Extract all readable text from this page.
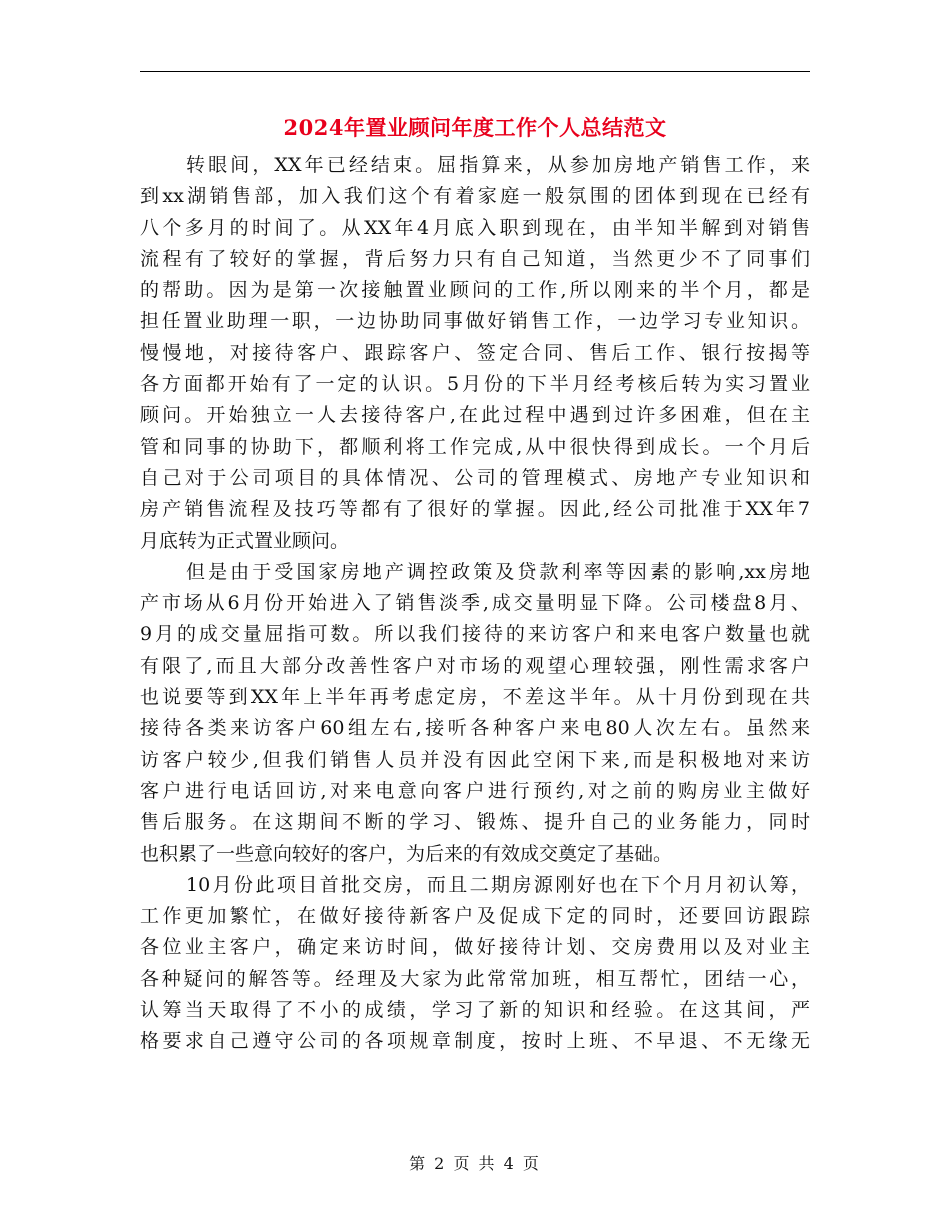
2024年置业顾问年度工作个人总结范文
转眼间，XX年已经结束。屈指算来，从参加房地产销售工作，来
到xx湖销售部，加入我们这个有着家庭一般氛围的团体到现在已经有
八个多月的时间了。从XX年4月底入职到现在，由半知半解到对销售
流程有了较好的掌握，背后努力只有自己知道，当然更少不了同事们
的帮助。因为是第一次接触置业顾问的工作,所以刚来的半个月，都是
担任置业助理一职，一边协助同事做好销售工作，一边学习专业知识。
慢慢地，对接待客户、跟踪客户、签定合同、售后工作、银行按揭等
各方面都开始有了一定的认识。5月份的下半月经考核后转为实习置业
顾问。开始独立一人去接待客户,在此过程中遇到过许多困难，但在主
管和同事的协助下，都顺利将工作完成,从中很快得到成长。一个月后
自己对于公司项目的具体情况、公司的管理模式、房地产专业知识和
房产销售流程及技巧等都有了很好的掌握。因此,经公司批准于XX年7
月底转为正式置业顾问。
但是由于受国家房地产调控政策及贷款利率等因素的影响,xx房地
产市场从6月份开始进入了销售淡季,成交量明显下降。公司楼盘8月、
9月的成交量屈指可数。所以我们接待的来访客户和来电客户数量也就
有限了,而且大部分改善性客户对市场的观望心理较强，刚性需求客户
也说要等到XX年上半年再考虑定房，不差这半年。从十月份到现在共
接待各类来访客户60组左右,接听各种客户来电80人次左右。虽然来
访客户较少,但我们销售人员并没有因此空闲下来,而是积极地对来访
客户进行电话回访,对来电意向客户进行预约,对之前的购房业主做好
售后服务。在这期间不断的学习、锻炼、提升自己的业务能力，同时
也积累了一些意向较好的客户，为后来的有效成交奠定了基础。
10月份此项目首批交房，而且二期房源刚好也在下个月月初认筹，
工作更加繁忙，在做好接待新客户及促成下定的同时，还要回访跟踪
各位业主客户，确定来访时间，做好接待计划、交房费用以及对业主
各种疑问的解答等。经理及大家为此常常加班，相互帮忙，团结一心，
认筹当天取得了不小的成绩，学习了新的知识和经验。在这其间，严
格要求自己遵守公司的各项规章制度，按时上班、不早退、不无缘无
第 2 页 共 4 页
